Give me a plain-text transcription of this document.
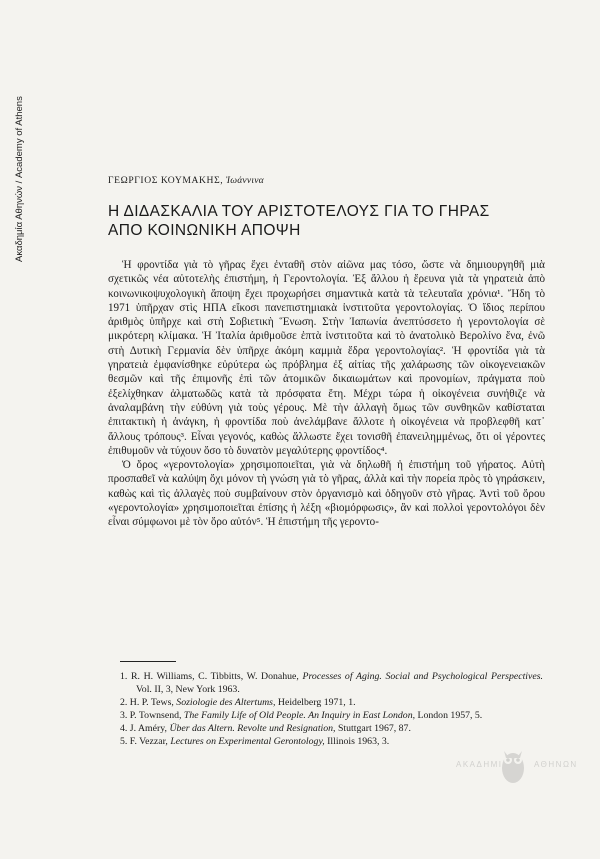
Ακαδημία Αθηνών / Academy of Athens	ΓΕΩΡΓΙΟΣ ΚΟΥΜΑΚΗΣ, Ἰωάννινα
Η ΔΙΔΑΣΚΑΛΙΑ ΤΟΥ ΑΡΙΣΤΟΤΕΛΟΥΣ ΓΙΑ ΤΟ ΓΗΡΑΣ
ΑΠΟ ΚΟΙΝΩΝΙΚΗ ΑΠΟΨΗ

Ἡ φροντίδα γιὰ τὸ γῆρας ἔχει ἐνταθῆ στὸν αἰῶνα μας τόσο, ὥστε νὰ δημιουργηθῆ μιὰ σχετικῶς νέα αὐτοτελὴς ἐπιστήμη, ἡ Γεροντολογία. Ἐξ ἄλλου ἡ ἔρευνα γιὰ τὰ γηρατειὰ ἀπὸ κοινωνικοψυχολογικὴ ἄποψη ἔχει προχωρήσει σημαντικὰ κατὰ τὰ τελευταῖα χρόνια¹. Ἤδη τὸ 1971 ὑπῆρχαν στὶς ΗΠΑ εἴκοσι πανεπιστημιακὰ ἰνστιτοῦτα γεροντολογίας. Ὁ ἴδιος περίπου ἀριθμὸς ὑπῆρχε καὶ στὴ Σοβιετικὴ Ἕνωση. Στὴν Ἰαπωνία ἀνεπτύσσετο ἡ γεροντολογία σὲ μικρότερη κλίμακα. Ἡ Ἰταλία ἀριθμοῦσε ἑπτὰ ἰνστιτοῦτα καὶ τὸ ἀνατολικὸ Βερολίνο ἕνα, ἐνῶ στὴ Δυτικὴ Γερμανία δὲν ὑπῆρχε ἀκόμη καμμιὰ ἕδρα γεροντολογίας². Ἡ φροντίδα γιὰ τὰ γηρατειὰ ἐμφανίσθηκε εὐρύτερα ὡς πρόβλημα ἐξ αἰτίας τῆς χαλάρωσης τῶν οἰκογενειακῶν θεσμῶν καὶ τῆς ἐπιμονῆς ἐπὶ τῶν ἀτομικῶν δικαιωμάτων καὶ προνομίων, πράγματα ποὺ ἐξελίχθηκαν ἁλματωδῶς κατὰ τὰ πρόσφατα ἔτη. Μέχρι τώρα ἡ οἰκογένεια συνήθιζε νὰ ἀναλαμβάνη τὴν εὐθύνη γιὰ τοὺς γέρους. Μὲ τὴν ἀλλαγὴ ὅμως τῶν συνθηκῶν καθίσταται ἐπιτακτικὴ ἡ ἀνάγκη, ἡ φροντίδα ποὺ ἀνελάμβανε ἄλλοτε ἡ οἰκογένεια νὰ προβλεφθῆ κατ᾿ ἄλλους τρόπους³. Εἶναι γεγονός, καθὼς ἄλλωστε ἔχει τονισθῆ ἐπανειλημμένως, ὅτι οἱ γέροντες ἐπιθυμοῦν νὰ τύχουν ὅσο τὸ δυνατὸν μεγαλύτερης φροντίδος⁴.

Ὁ ὅρος «γεροντολογία» χρησιμοποιεῖται, γιὰ νὰ δηλωθῆ ἡ ἐπιστήμη τοῦ γήρατος. Αὐτὴ προσπαθεῖ νὰ καλύψη ὄχι μόνον τὴ γνώση γιὰ τὸ γῆρας, ἀλλὰ καὶ τὴν πορεία πρὸς τὸ γηράσκειν, καθὼς καὶ τὶς ἀλλαγὲς ποὺ συμβαίνουν στὸν ὀργανισμὸ καὶ ὁδηγοῦν στὸ γῆρας. Ἀντὶ τοῦ ὅρου «γεροντολογία» χρησιμοποιεῖται ἐπίσης ἡ λέξη «βιομόρφωσις», ἂν καὶ πολλοὶ γεροντολόγοι δὲν εἶναι σύμφωνοι μὲ τὸν ὅρο αὐτόν⁵. Ἡ ἐπιστήμη τῆς γεροντο-

1. R. H. Williams, C. Tibbitts, W. Donahue, Processes of Aging. Social and Psychological Perspectives. Vol. II, 3, New York 1963.

2. H. P. Tews, Soziologie des Altertums, Heidelberg 1971, 1.

3. P. Townsend, The Family Life of Old People. An Inquiry in East London, London 1957, 5.

4. J. Améry, Über das Altern. Revolte und Resignation, Stuttgart 1967, 87.

5. F. Vezzar, Lectures on Experimental Gerontology, Illinois 1963, 3.

ΑΚΑΔΗΜΙΑ	ΑΘΗΝΩΝ
